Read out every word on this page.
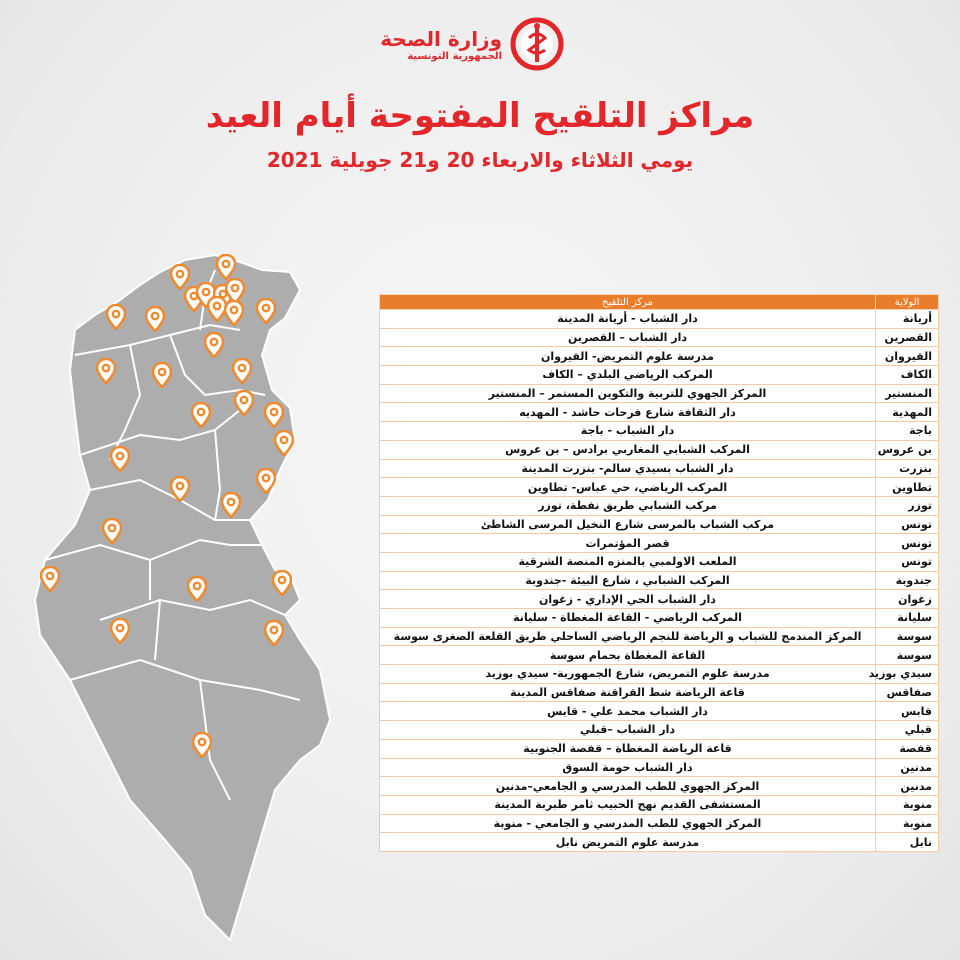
وزارة الصحة
الجمهورية التونسية
مراكز التلقيح المفتوحة أيام العيد
يومي الثلاثاء والاربعاء 20 و21 جويلية 2021
الولاية	مركز التلقيح
أريانة	دار الشباب - أريانة المدينة
القصرين	دار الشباب – القصرين
القيروان	مدرسة علوم التمريض- القيروان
الكاف	المركب الرياضي البلدي – الكاف
المنستير	المركز الجهوي للتربية والتكوين المستمر – المنستير
المهدية	دار الثقافة شارع فرحات حاشد - المهديه
باجة	دار الشباب - باجة
بن عروس	المركب الشبابي المغاربي برادس – بن عروس
بنزرت	دار الشباب بسيدي سالم- بنزرت المدينة
تطاوين	المركب الرياضي، حي عباس- تطاوين
توزر	مركب الشبابي طريق نفطة، توزر
تونس	مركب الشباب بالمرسى شارع النخيل المرسى الشاطئ
تونس	قصر المؤتمرات
تونس	الملعب الاولمبي بالمنزه المنصة الشرقية
جندوبة	المركب الشبابي ، شارع البيئة -جندوبة
زغوان	دار الشباب الحي الإداري - زغوان
سليانة	المركب الرياضي - القاعة المغطاة - سليانة
سوسة	المركز المندمج للشباب و الرياضة للنجم الرياضي الساحلي طريق القلعة الصغرى سوسة
سوسة	القاعة المغطاة بحمام سوسة
سيدي بوزيد	مدرسة علوم التمريض، شارع الجمهورية- سيدي بوزيد
صفاقس	قاعة الرياضة شط القراقنة صفاقس المدينة
قابس	دار الشباب محمد علي - قابس
قبلي	دار الشباب –قبلي
قفصة	قاعة الرياضة المغطاة – قفصة الجنوبية
مدنين	دار الشباب حومة السوق
مدنين	المركز الجهوي للطب المدرسي و الجامعي–مدنين
منوبة	المستشفى القديم نهج الحبيب ثامر طبربة المدينة
منوبة	المركز الجهوي للطب المدرسي و الجامعي - منوبة
نابل	مدرسة علوم التمريض نابل
